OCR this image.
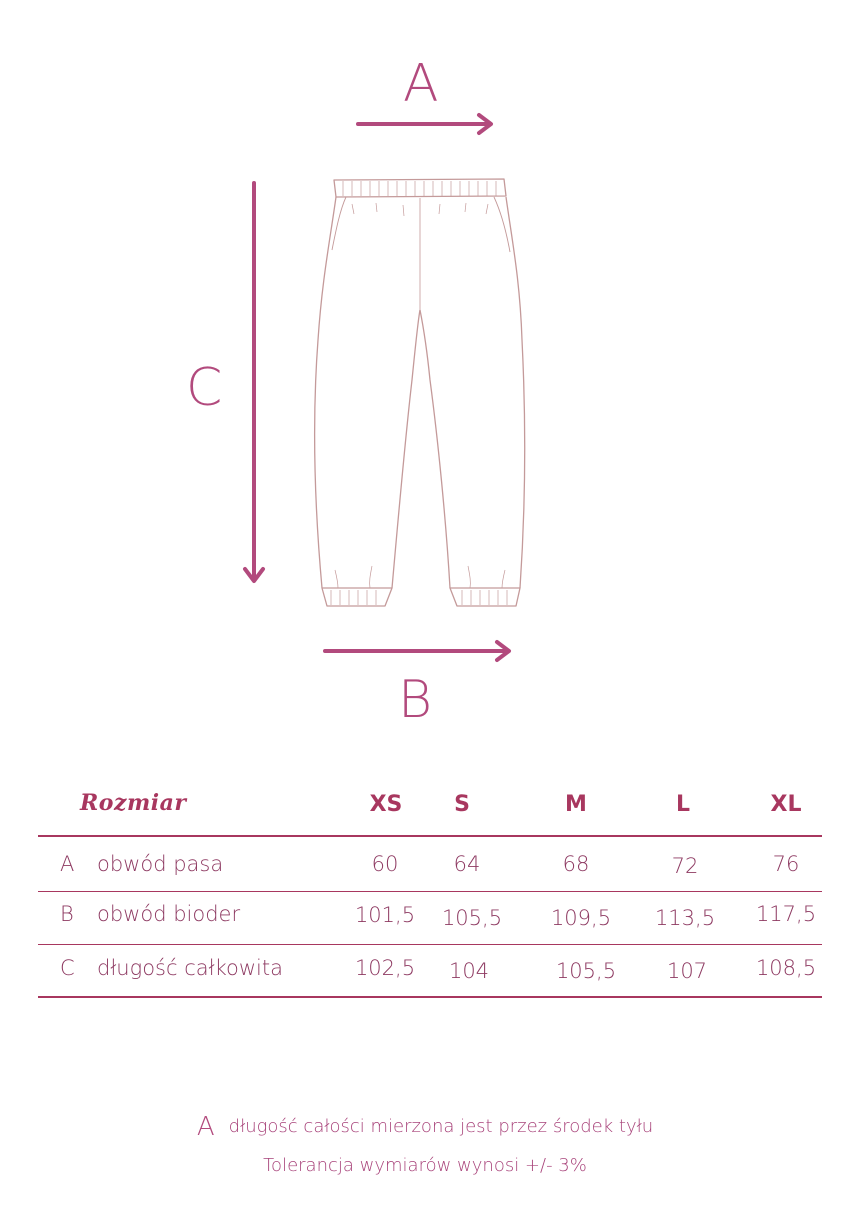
A
C
B
Rozmiar	XS	S	M	L	XL
A obwód pasa	60	64	68	72	76
B obwód bioder	101,5	105,5	109,5	113,5	117,5
C długość całkowita	102,5	104	105,5	107	108,5
A długość całości mierzona jest przez środek tyłu
Tolerancja wymiarów wynosi +/- 3%
